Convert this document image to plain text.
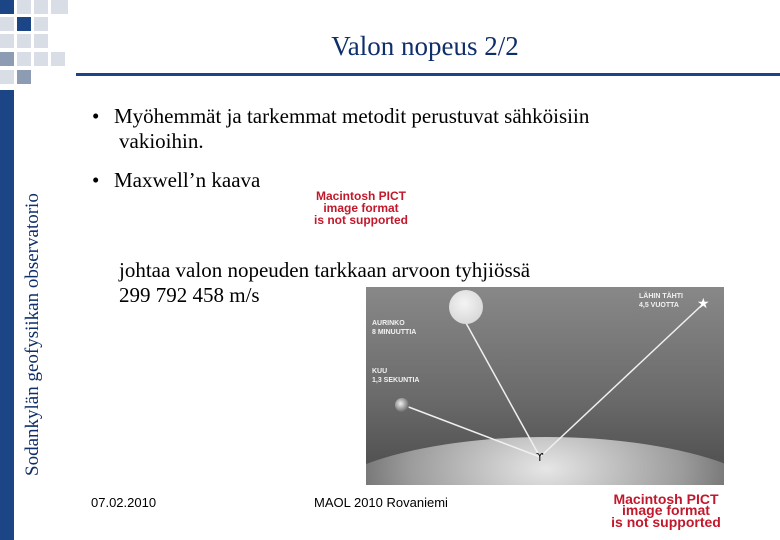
Sodankylän geofysiikan observatorio
Valon nopeus 2/2
• Myöhemmät ja tarkemmat metodit perustuvat sähköisiin
vakioihin.
• Maxwell’n kaava
Macintosh PICT
image format
is not supported
johtaa valon nopeuden tarkkaan arvoon tyhjiössä
299 792 458 m/s	★
ϒ
LÄHIN TÄHTI
4,5 VUOTTA
AURINKO
8 MINUUTTIA
KUU
1,3 SEKUNTIA
07.02.2010	MAOL 2010 Rovaniemi	Macintosh PICT
image format
is not supported
